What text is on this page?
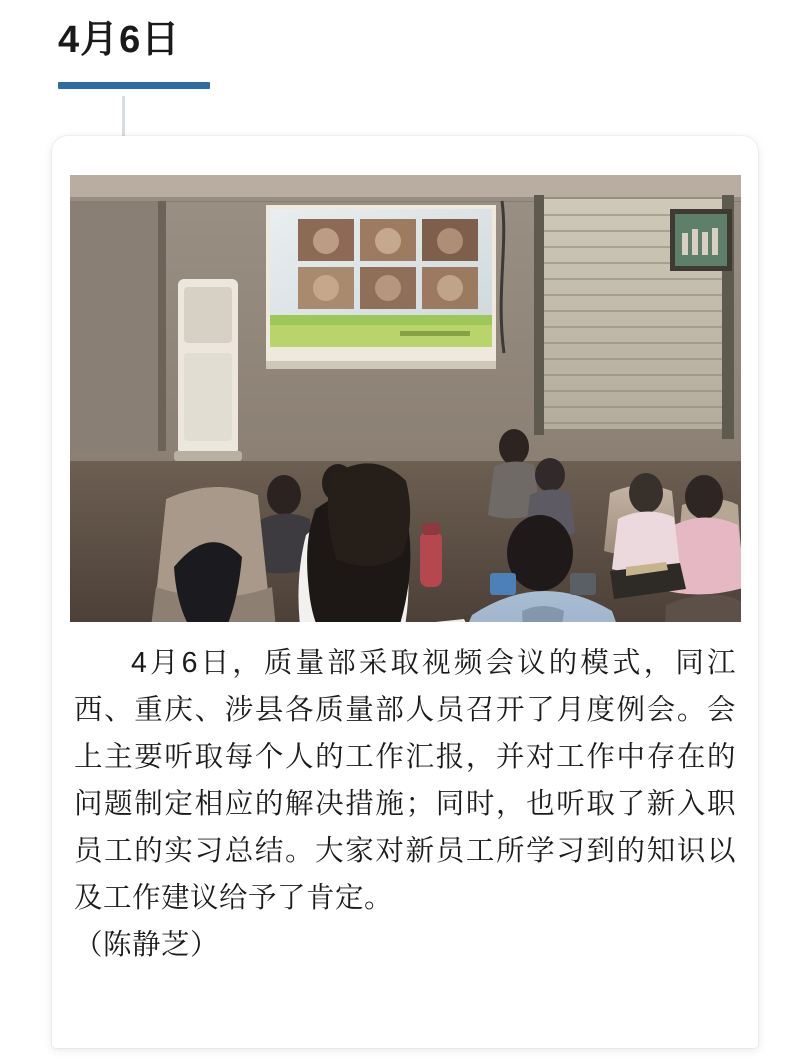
4月6日

4月6日，质量部采取视频会议的模式，同江西、重庆、涉县各质量部人员召开了月度例会。会上主要听取每个人的工作汇报，并对工作中存在的问题制定相应的解决措施；同时，也听取了新入职员工的实习总结。大家对新员工所学习到的知识以及工作建议给予了肯定。

（陈静芝）
